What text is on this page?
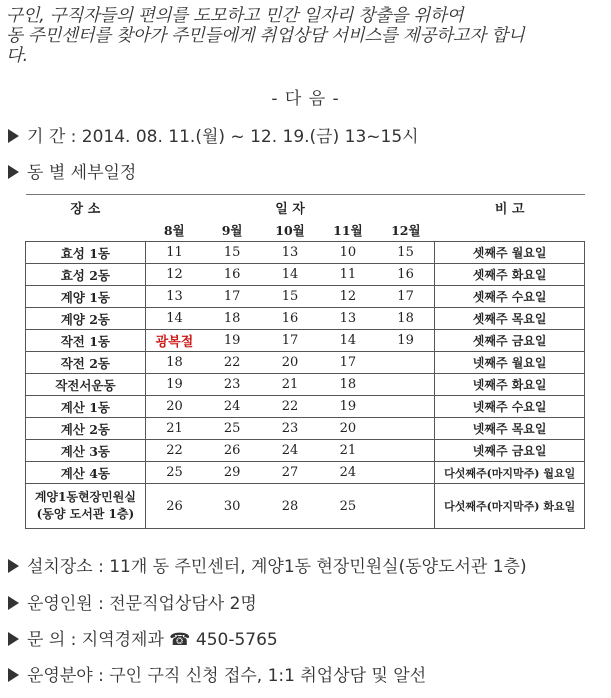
구인, 구직자들의 편의를 도모하고 민간 일자리 창출을 위하여
동 주민센터를 찾아가 주민들에게 취업상담 서비스를 제공하고자 합니
다.
- 다 음 -
기 간 : 2014. 08. 11.(월) ~ 12. 19.(금) 13~15시
동 별 세부일정
장 소	일 자					비 고
	8월	9월	10월	11월	12월	
효성 1동	11	15	13	10	15	셋째주 월요일
효성 2동	12	16	14	11	16	셋째주 화요일
계양 1동	13	17	15	12	17	셋째주 수요일
계양 2동	14	18	16	13	18	셋째주 목요일
작전 1동	광복절	19	17	14	19	셋째주 금요일
작전 2동	18	22	20	17		넷째주 월요일
작전서운동	19	23	21	18		넷째주 화요일
계산 1동	20	24	22	19		넷째주 수요일
계산 2동	21	25	23	20		넷째주 목요일
계산 3동	22	26	24	21		넷째주 금요일
계산 4동	25	29	27	24		다섯째주(마지막주) 월요일

계양1동현장민원실
(동양 도서관 1층)	26	30	28	25		다섯째주(마지막주) 화요일
설치장소 : 11개 동 주민센터, 계양1동 현장민원실(동양도서관 1층)
운영인원 : 전문직업상담사 2명
문 의 : 지역경제과 ☎ 450-5765
운영분야 : 구인 구직 신청 접수, 1:1 취업상담 및 알선
